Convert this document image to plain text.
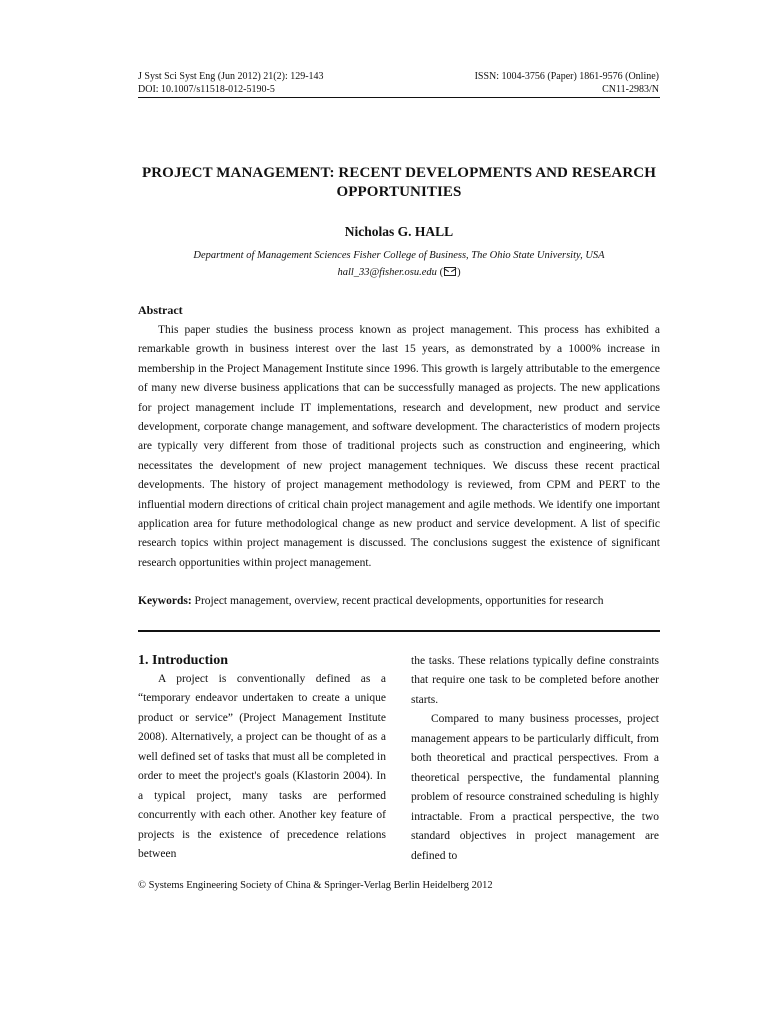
J Syst Sci Syst Eng (Jun 2012) 21(2): 129-143
DOI: 10.1007/s11518-012-5190-5
ISSN: 1004-3756 (Paper) 1861-9576 (Online)
CN11-2983/N
PROJECT MANAGEMENT: RECENT DEVELOPMENTS AND RESEARCH OPPORTUNITIES
Nicholas G. HALL
Department of Management Sciences Fisher College of Business, The Ohio State University, USA
hall_33@fisher.osu.edu ( )
Abstract

This paper studies the business process known as project management. This process has exhibited a remarkable growth in business interest over the last 15 years, as demonstrated by a 1000% increase in membership in the Project Management Institute since 1996. This growth is largely attributable to the emergence of many new diverse business applications that can be successfully managed as projects. The new applications for project management include IT implementations, research and development, new product and service development, corporate change management, and software development. The characteristics of modern projects are typically very different from those of traditional projects such as construction and engineering, which necessitates the development of new project management techniques. We discuss these recent practical developments. The history of project management methodology is reviewed, from CPM and PERT to the influential modern directions of critical chain project management and agile methods. We identify one important application area for future methodological change as new product and service development. A list of specific research topics within project management is discussed. The conclusions suggest the existence of significant research opportunities within project management.

Keywords: Project management, overview, recent practical developments, opportunities for research
1. Introduction

A project is conventionally defined as a “temporary endeavor undertaken to create a unique product or service” (Project Management Institute 2008). Alternatively, a project can be thought of as a well defined set of tasks that must all be completed in order to meet the project's goals (Klastorin 2004). In a typical project, many tasks are performed concurrently with each other. Another key feature of projects is the existence of precedence relations between

the tasks. These relations typically define constraints that require one task to be completed before another starts.

Compared to many business processes, project management appears to be particularly difficult, from both theoretical and practical perspectives. From a theoretical perspective, the fundamental planning problem of resource constrained scheduling is highly intractable. From a practical perspective, the two standard objectives in project management are defined to

© Systems Engineering Society of China & Springer-Verlag Berlin Heidelberg 2012
